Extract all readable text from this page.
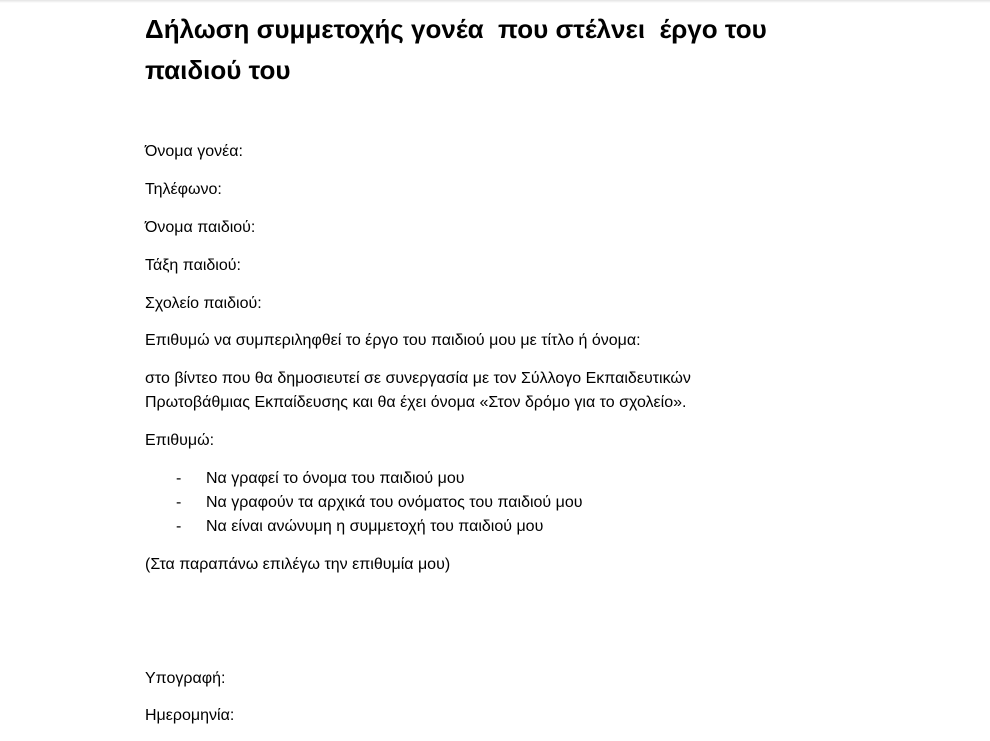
Δήλωση συμμετοχής γονέα  που στέλνει  έργο του παιδιού του

Όνομα γονέα:

Τηλέφωνο:

Όνομα παιδιού:

Τάξη παιδιού:

Σχολείο παιδιού:

Επιθυμώ να συμπεριληφθεί το έργο του παιδιού μου με τίτλο ή όνομα:

στο βίντεο που θα δημοσιευτεί σε συνεργασία με τον Σύλλογο Εκπαιδευτικών Πρωτοβάθμιας Εκπαίδευσης και θα έχει όνομα «Στον δρόμο για το σχολείο».

Επιθυμώ:

- Να γραφεί το όνομα του παιδιού μου
- Να γραφούν τα αρχικά του ονόματος του παιδιού μου
- Να είναι ανώνυμη η συμμετοχή του παιδιού μου

(Στα παραπάνω επιλέγω την επιθυμία μου)

Υπογραφή:

Ημερομηνία:
